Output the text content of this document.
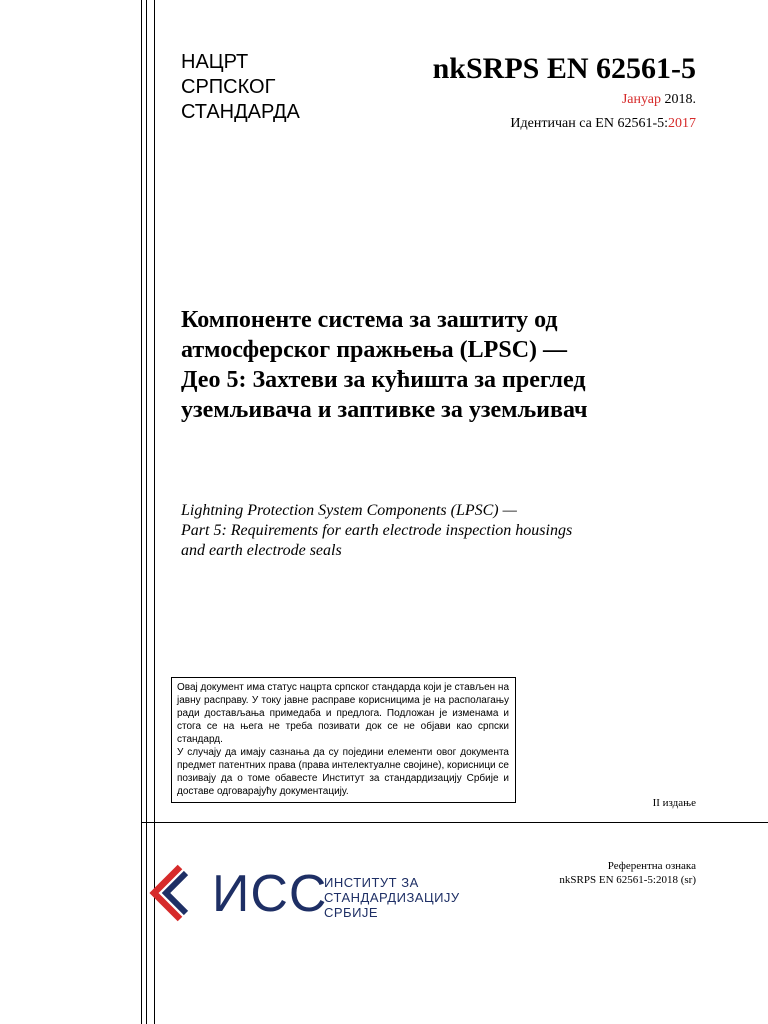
НАЦРТ
СРПСКОГ
СТАНДАРДА
nkSRPS EN 62561-5
Јануар 2018.
Идентичан са EN 62561-5:2017
Компоненте система за заштиту од
атмосферског пражњења (LPSC) —
Део 5: Захтеви за кућишта за преглед
уземљивача и заптивке за уземљивач
Lightning Protection System Components (LPSC) —
Part 5: Requirements for earth electrode inspection housings
and earth electrode seals

Овај документ има статус нацрта српског стандарда који је стављен на јавну расправу. У току јавне расправе корисницима је на располагању ради достављања примедаба и предлога. Подложан је изменама и стога се на њега не треба позивати док се не објави као српски стандард.

У случају да имају сазнања да су поједини елементи овог документа предмет патентних права (права интелектуалне својине), корисници се позивају да о томе обавесте Институт за стандардизацију Србије и доставе одговарајућу документацију.

II издање
ИСС
ИНСТИТУТ ЗА
СТАНДАРДИЗАЦИЈУ
СРБИЈЕ
Референтна ознака
nkSRPS EN 62561-5:2018 (sr)
